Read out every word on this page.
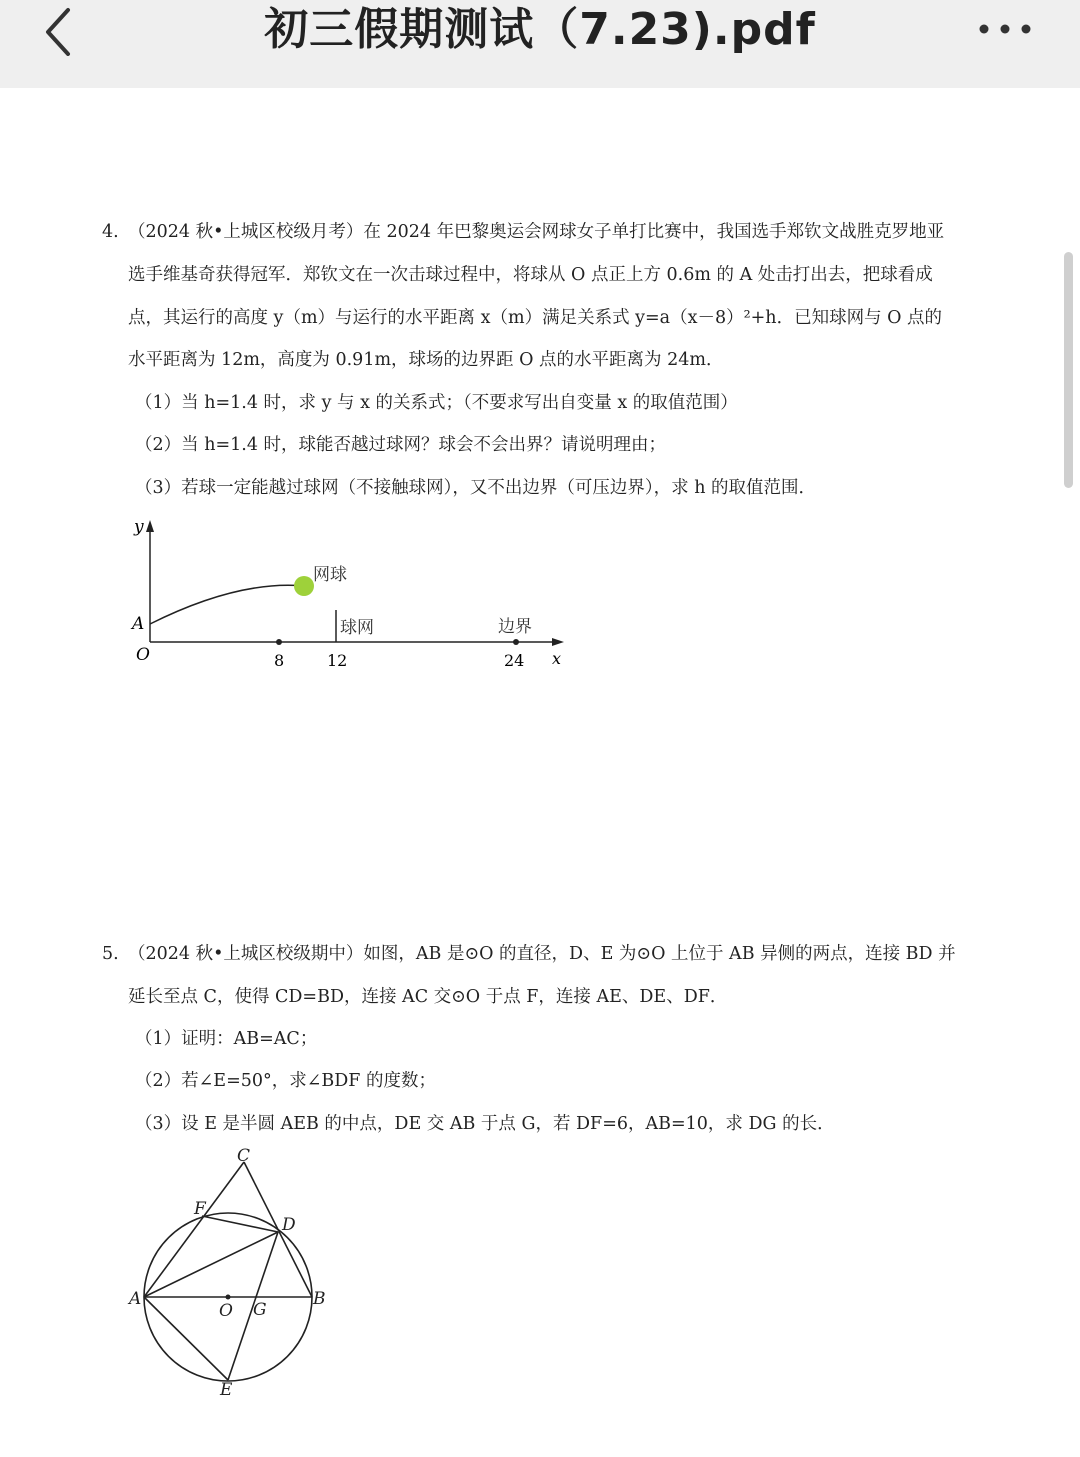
初三假期测试（7.23).pdf
4. （2024 秋•上城区校级月考）在 2024 年巴黎奥运会网球女子单打比赛中，我国选手郑钦文战胜克罗地亚
选手维基奇获得冠军．郑钦文在一次击球过程中，将球从 O 点正上方 0.6m 的 A 处击打出去，把球看成
点，其运行的高度 y（m）与运行的水平距离 x（m）满足关系式 y=a（x－8）²+h．已知球网与 O 点的
水平距离为 12m，高度为 0.91m，球场的边界距 O 点的水平距离为 24m．
（1）当 h=1.4 时，求 y 与 x 的关系式；（不要求写出自变量 x 的取值范围）
（2）当 h=1.4 时，球能否越过球网？球会不会出界？请说明理由；
（3）若球一定能越过球网（不接触球网），又不出边界（可压边界），求 h 的取值范围．
y
A
O
网球
球网	边界
8	12	24 x
5. （2024 秋•上城区校级期中）如图，AB 是⊙O 的直径，D、E 为⊙O 上位于 AB 异侧的两点，连接 BD 并
延长至点 C，使得 CD=BD，连接 AC 交⊙O 于点 F，连接 AE、DE、DF．
（1）证明：AB=AC；
（2）若∠E=50°，求∠BDF 的度数；
（3）设 E 是半圆 AEB 的中点，DE 交 AB 于点 G，若 DF=6，AB=10，求 DG 的长．
C
F
D
A
O G
B
E
